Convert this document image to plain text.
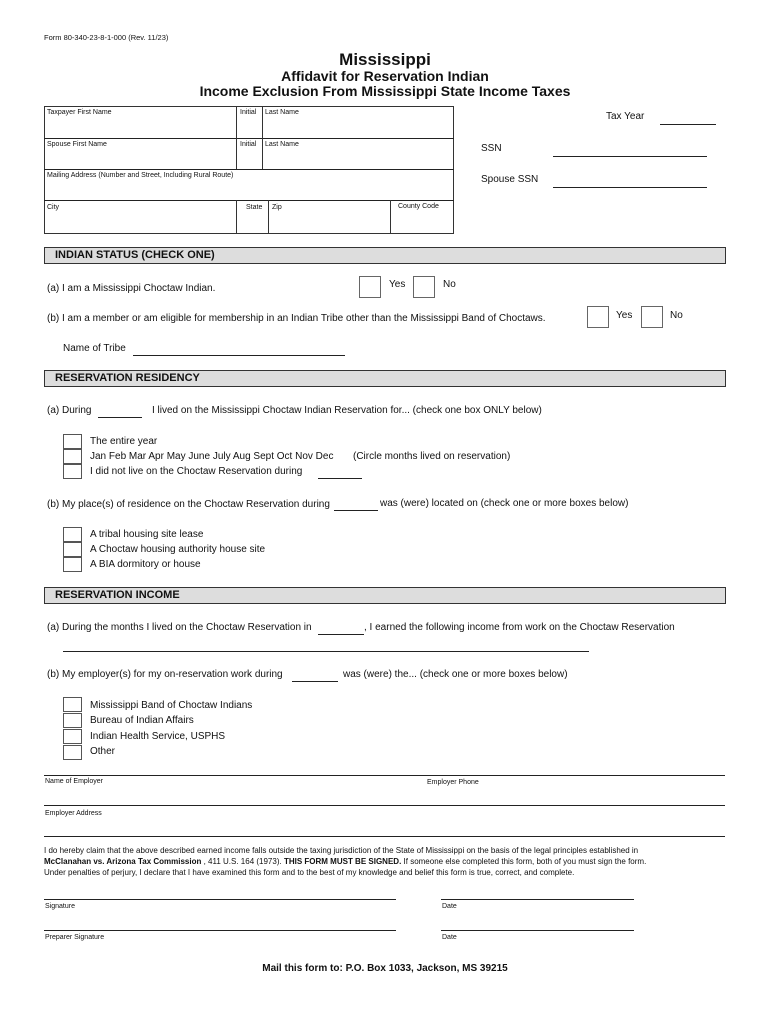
Form 80-340-23-8-1-000 (Rev. 11/23)
Mississippi
Affidavit for Reservation Indian
Income Exclusion From Mississippi State Income Taxes
Taxpayer First Name	Initial Last Name
Spouse First Name	Initial Last Name
Mailing Address (Number and Street, Including Rural Route)
City	State Zip	County Code
Tax Year
SSN
Spouse SSN
INDIAN STATUS (CHECK ONE)
(a) I am a Mississippi Choctaw Indian.	Yes	No
(b) I am a member or am eligible for membership in an Indian Tribe other than the Mississippi Band of Choctaws.	Yes	No
Name of Tribe
RESERVATION RESIDENCY
(a) During	I lived on the Mississippi Choctaw Indian Reservation for... (check one box ONLY below)
The entire year
Jan Feb Mar Apr May June July Aug Sept Oct Nov Dec (Circle months lived on reservation)
I did not live on the Choctaw Reservation during
(b) My place(s) of residence on the Choctaw Reservation during	was (were) located on (check one or more boxes below)
A tribal housing site lease
A Choctaw housing authority house site
A BIA dormitory or house
RESERVATION INCOME
(a) During the months I lived on the Choctaw Reservation in	, I earned the following income from work on the Choctaw Reservation
(b) My employer(s) for my on-reservation work during	was (were) the... (check one or more boxes below)
Mississippi Band of Choctaw Indians
Bureau of Indian Affairs
Indian Health Service, USPHS
Other
Name of Employer	Employer Phone
Employer Address
I do hereby claim that the above described earned income falls outside the taxing jurisdiction of the State of Mississippi on the basis of the legal principles established in
McClanahan vs. Arizona Tax Commission , 411 U.S. 164 (1973). THIS FORM MUST BE SIGNED. If someone else completed this form, both of you must sign the form.
Under penalties of perjury, I declare that I have examined this form and to the best of my knowledge and belief this form is true, correct, and complete.
Signature	Date
Preparer Signature	Date
Mail this form to: P.O. Box 1033, Jackson, MS 39215
